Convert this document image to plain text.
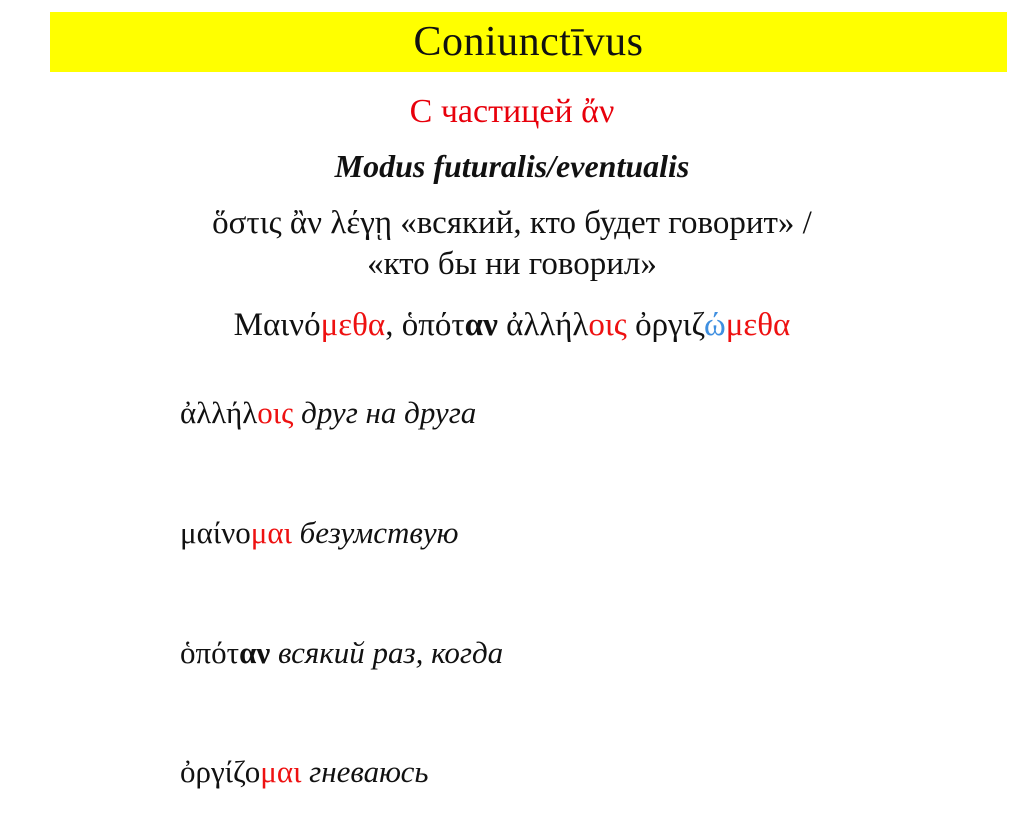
Coniunctīvus
С частицей ἄν
Modus futuralis/eventualis
ὅστις ἂν λέγῃ «всякий, кто будет говорит» /
«кто бы ни говорил»
Μαινόμεθα, ὁπόταν ἀλλήλοις ὀργιζώμεθα

ἀλλήλοις друг на друга

μαίνομαι безумствую

ὁπόταν всякий раз, когда

ὀργίζομαι гневаюсь
